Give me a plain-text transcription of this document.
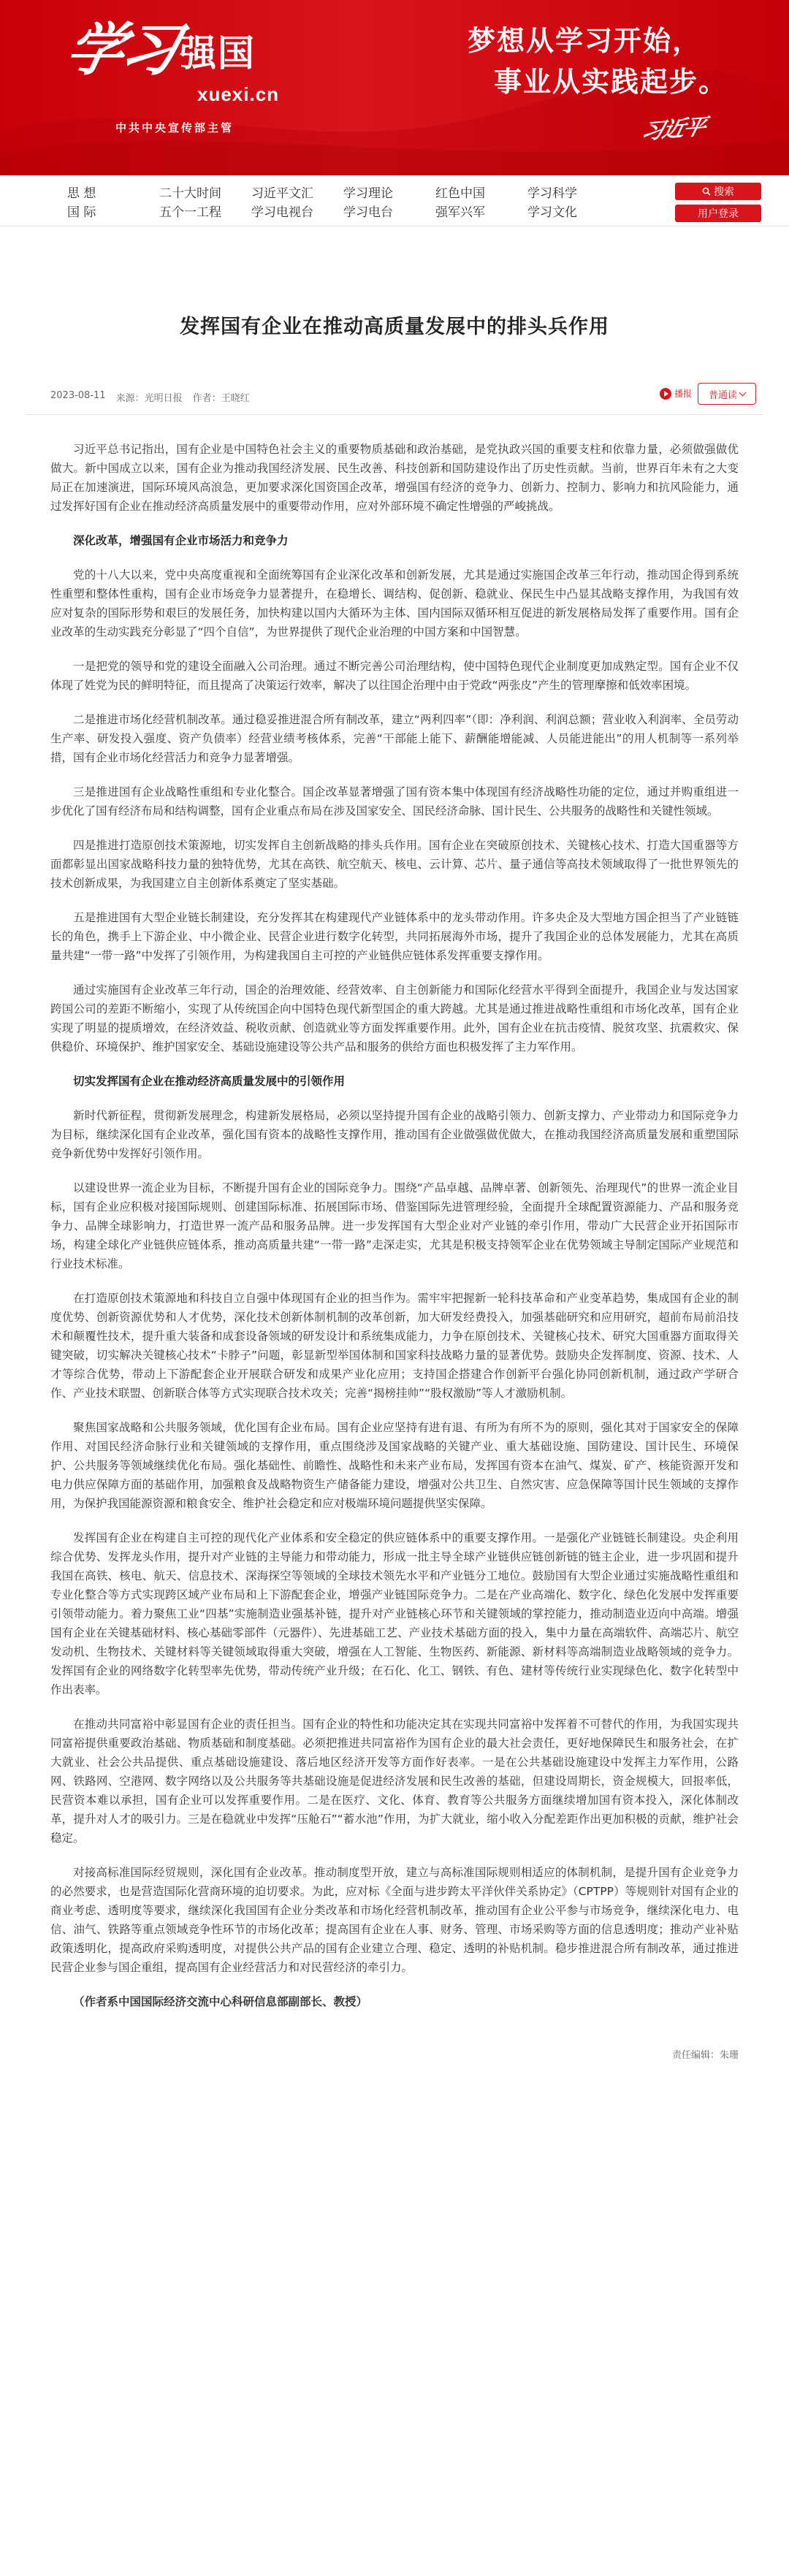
学习
强国
xuexi.cn
中共中央宣传部主管
梦想从学习开始，
事业从实践起步。
习近平
思 想	二十大时间	习近平文汇	学习理论	红色中国	学习科学
国 际	五个一工程	学习电视台	学习电台	强军兴军	学习文化
搜索
用户登录
发挥国有企业在推动高质量发展中的排头兵作用
2023-08-11 来源：光明日报 作者：王晓红	播报 普通读

习近平总书记指出，国有企业是中国特色社会主义的重要物质基础和政治基础，是党执政兴国的重要支柱和依靠力量，必须做强做优做大。新中国成立以来，国有企业为推动我国经济发展、民生改善、科技创新和国防建设作出了历史性贡献。当前，世界百年未有之大变局正在加速演进，国际环境风高浪急，更加要求深化国资国企改革，增强国有经济的竞争力、创新力、控制力、影响力和抗风险能力，通过发挥好国有企业在推动经济高质量发展中的重要带动作用，应对外部环境不确定性增强的严峻挑战。

深化改革，增强国有企业市场活力和竞争力

党的十八大以来，党中央高度重视和全面统筹国有企业深化改革和创新发展，尤其是通过实施国企改革三年行动，推动国企得到系统性重塑和整体性重构，国有企业市场竞争力显著提升，在稳增长、调结构、促创新、稳就业、保民生中凸显其战略支撑作用，为我国有效应对复杂的国际形势和艰巨的发展任务，加快构建以国内大循环为主体、国内国际双循环相互促进的新发展格局发挥了重要作用。国有企业改革的生动实践充分彰显了“四个自信”，为世界提供了现代企业治理的中国方案和中国智慧。

一是把党的领导和党的建设全面融入公司治理。通过不断完善公司治理结构，使中国特色现代企业制度更加成熟定型。国有企业不仅体现了姓党为民的鲜明特征，而且提高了决策运行效率，解决了以往国企治理中由于党政“两张皮”产生的管理摩擦和低效率困境。

二是推进市场化经营机制改革。通过稳妥推进混合所有制改革，建立“两利四率”（即：净利润、利润总额；营业收入利润率、全员劳动生产率、研发投入强度、资产负债率）经营业绩考核体系，完善“干部能上能下、薪酬能增能减、人员能进能出”的用人机制等一系列举措，国有企业市场化经营活力和竞争力显著增强。

三是推进国有企业战略性重组和专业化整合。国企改革显著增强了国有资本集中体现国有经济战略性功能的定位，通过并购重组进一步优化了国有经济布局和结构调整，国有企业重点布局在涉及国家安全、国民经济命脉、国计民生、公共服务的战略性和关键性领域。

四是推进打造原创技术策源地，切实发挥自主创新战略的排头兵作用。国有企业在突破原创技术、关键核心技术、打造大国重器等方面都彰显出国家战略科技力量的独特优势，尤其在高铁、航空航天、核电、云计算、芯片、量子通信等高技术领域取得了一批世界领先的技术创新成果，为我国建立自主创新体系奠定了坚实基础。

五是推进国有大型企业链长制建设，充分发挥其在构建现代产业链体系中的龙头带动作用。许多央企及大型地方国企担当了产业链链长的角色，携手上下游企业、中小微企业、民营企业进行数字化转型，共同拓展海外市场，提升了我国企业的总体发展能力，尤其在高质量共建“一带一路”中发挥了引领作用，为构建我国自主可控的产业链供应链体系发挥重要支撑作用。

通过实施国有企业改革三年行动，国企的治理效能、经营效率、自主创新能力和国际化经营水平得到全面提升，我国企业与发达国家跨国公司的差距不断缩小，实现了从传统国企向中国特色现代新型国企的重大跨越。尤其是通过推进战略性重组和市场化改革，国有企业实现了明显的提质增效，在经济效益、税收贡献、创造就业等方面发挥重要作用。此外，国有企业在抗击疫情、脱贫攻坚、抗震救灾、保供稳价、环境保护、维护国家安全、基础设施建设等公共产品和服务的供给方面也积极发挥了主力军作用。

切实发挥国有企业在推动经济高质量发展中的引领作用

新时代新征程，贯彻新发展理念，构建新发展格局，必须以坚持提升国有企业的战略引领力、创新支撑力、产业带动力和国际竞争力为目标，继续深化国有企业改革，强化国有资本的战略性支撑作用，推动国有企业做强做优做大，在推动我国经济高质量发展和重塑国际竞争新优势中发挥好引领作用。

以建设世界一流企业为目标，不断提升国有企业的国际竞争力。围绕“产品卓越、品牌卓著、创新领先、治理现代”的世界一流企业目标，国有企业应积极对接国际规则、创建国际标准、拓展国际市场、借鉴国际先进管理经验，全面提升全球配置资源能力、产品和服务竞争力、品牌全球影响力，打造世界一流产品和服务品牌。进一步发挥国有大型企业对产业链的牵引作用，带动广大民营企业开拓国际市场，构建全球化产业链供应链体系，推动高质量共建“一带一路”走深走实，尤其是积极支持领军企业在优势领域主导制定国际产业规范和行业技术标准。

在打造原创技术策源地和科技自立自强中体现国有企业的担当作为。需牢牢把握新一轮科技革命和产业变革趋势，集成国有企业的制度优势、创新资源优势和人才优势，深化技术创新体制机制的改革创新，加大研发经费投入，加强基础研究和应用研究，超前布局前沿技术和颠覆性技术，提升重大装备和成套设备领域的研发设计和系统集成能力，力争在原创技术、关键核心技术、研究大国重器方面取得关键突破，切实解决关键核心技术“卡脖子”问题，彰显新型举国体制和国家科技战略力量的显著优势。鼓励央企发挥制度、资源、技术、人才等综合优势，带动上下游配套企业开展联合研发和成果产业化应用；支持国企搭建合作创新平台强化协同创新机制，通过政产学研合作、产业技术联盟、创新联合体等方式实现联合技术攻关；完善“揭榜挂帅”“股权激励”等人才激励机制。

聚焦国家战略和公共服务领域，优化国有企业布局。国有企业应坚持有进有退、有所为有所不为的原则，强化其对于国家安全的保障作用、对国民经济命脉行业和关键领域的支撑作用，重点围绕涉及国家战略的关键产业、重大基础设施、国防建设、国计民生、环境保护、公共服务等领域继续优化布局。强化基础性、前瞻性、战略性和未来产业布局，发挥国有资本在油气、煤炭、矿产、核能资源开发和电力供应保障方面的基础作用，加强粮食及战略物资生产储备能力建设，增强对公共卫生、自然灾害、应急保障等国计民生领域的支撑作用，为保护我国能源资源和粮食安全、维护社会稳定和应对极端环境问题提供坚实保障。

发挥国有企业在构建自主可控的现代化产业体系和安全稳定的供应链体系中的重要支撑作用。一是强化产业链链长制建设。央企利用综合优势、发挥龙头作用，提升对产业链的主导能力和带动能力，形成一批主导全球产业链供应链创新链的链主企业，进一步巩固和提升我国在高铁、核电、航天、信息技术、深海探空等领域的全球技术领先水平和产业链分工地位。鼓励国有大型企业通过实施战略性重组和专业化整合等方式实现跨区域产业布局和上下游配套企业，增强产业链国际竞争力。二是在产业高端化、数字化、绿色化发展中发挥重要引领带动能力。着力聚焦工业“四基”实施制造业强基补链，提升对产业链核心环节和关键领域的掌控能力，推动制造业迈向中高端。增强国有企业在关键基础材料、核心基础零部件（元器件）、先进基础工艺、产业技术基础方面的投入，集中力量在高端软件、高端芯片、航空发动机、生物技术、关键材料等关键领域取得重大突破，增强在人工智能、生物医药、新能源、新材料等高端制造业战略领域的竞争力。发挥国有企业的网络数字化转型率先优势，带动传统产业升级；在石化、化工、钢铁、有色、建材等传统行业实现绿色化、数字化转型中作出表率。

在推动共同富裕中彰显国有企业的责任担当。国有企业的特性和功能决定其在实现共同富裕中发挥着不可替代的作用，为我国实现共同富裕提供重要政治基础、物质基础和制度基础。必须把推进共同富裕作为国有企业的最大社会责任，更好地保障民生和服务社会，在扩大就业、社会公共品提供、重点基础设施建设、落后地区经济开发等方面作好表率。一是在公共基础设施建设中发挥主力军作用，公路网、铁路网、空港网、数字网络以及公共服务等共基础设施是促进经济发展和民生改善的基础，但建设周期长，资金规模大，回报率低，民营资本难以承担，国有企业可以发挥重要作用。二是在医疗、文化、体育、教育等公共服务方面继续增加国有资本投入，深化体制改革，提升对人才的吸引力。三是在稳就业中发挥“压舱石”“蓄水池”作用，为扩大就业，缩小收入分配差距作出更加积极的贡献，维护社会稳定。

对接高标准国际经贸规则，深化国有企业改革。推动制度型开放，建立与高标准国际规则相适应的体制机制，是提升国有企业竞争力的必然要求，也是营造国际化营商环境的迫切要求。为此，应对标《全面与进步跨太平洋伙伴关系协定》（CPTPP）等规则针对国有企业的商业考虑、透明度等要求，继续深化我国国有企业分类改革和市场化经营机制改革，推动国有企业公平参与市场竞争，继续深化电力、电信、油气、铁路等重点领域竞争性环节的市场化改革；提高国有企业在人事、财务、管理、市场采购等方面的信息透明度；推动产业补贴政策透明化，提高政府采购透明度，对提供公共产品的国有企业建立合理、稳定、透明的补贴机制。稳步推进混合所有制改革，通过推进民营企业参与国企重组，提高国有企业经营活力和对民营经济的牵引力。

（作者系中国国际经济交流中心科研信息部副部长、教授）

责任编辑：朱珊
